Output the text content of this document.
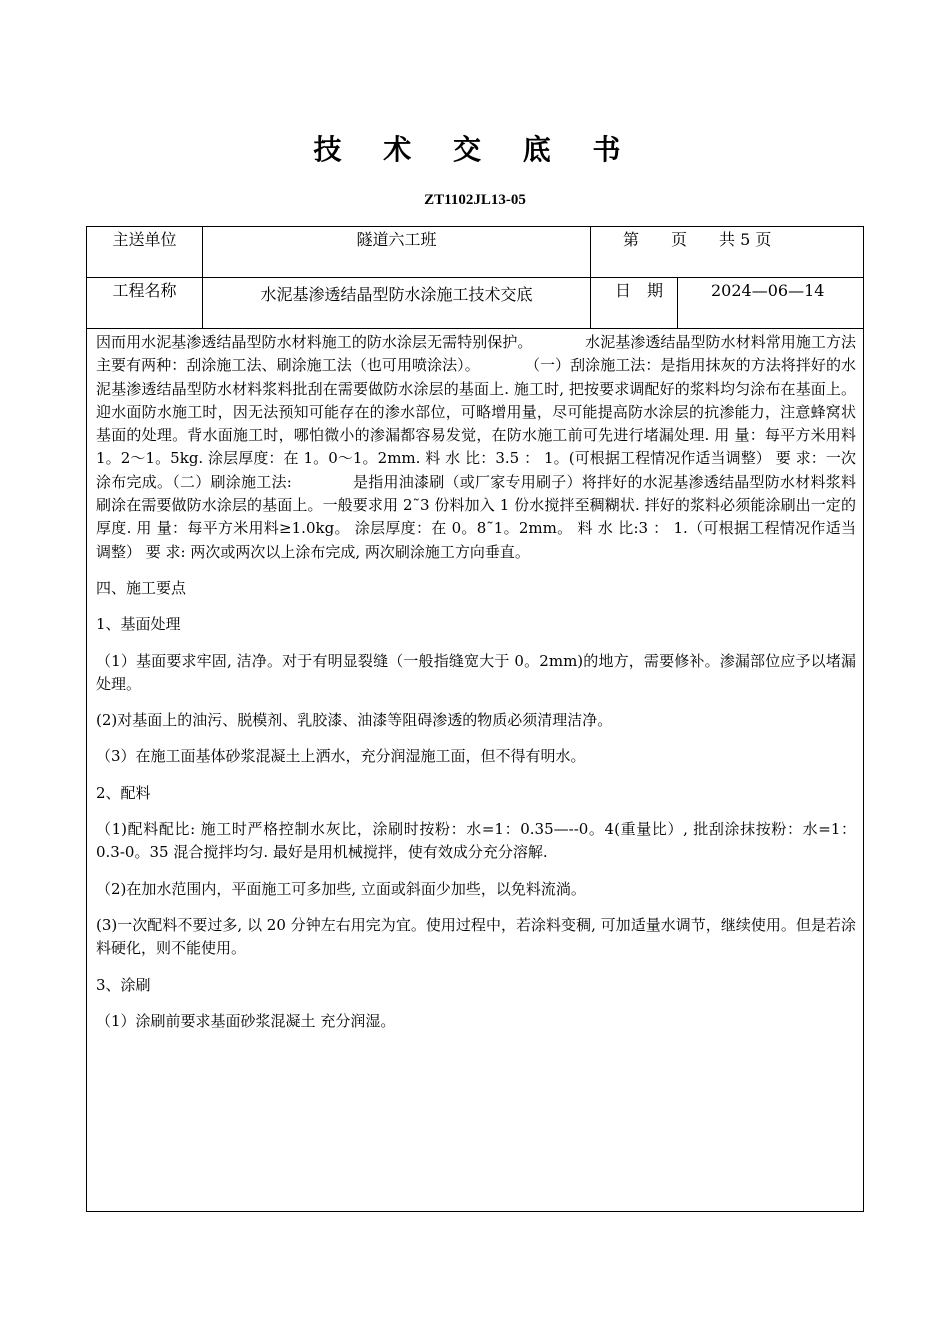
技 术 交 底 书
ZT1102JL13-05
主送单位	隧道六工班	第　　页　　共 5 页
工程名称	水泥基渗透结晶型防水涂施工技术交底	日　期	2024—06—14

因而用水泥基渗透结晶型防水材料施工的防水涂层无需特别保护。　　　　水泥基渗透结晶型防水材料常用施工方法主要有两种：刮涂施工法、刷涂施工法（也可用喷涂法）。　　　　（一）刮涂施工法：是指用抹灰的方法将拌好的水泥基渗透结晶型防水材料浆料批刮在需要做防水涂层的基面上. 施工时, 把按要求调配好的浆料均匀涂布在基面上。迎水面防水施工时，因无法预知可能存在的渗水部位，可略增用量，尽可能提高防水涂层的抗渗能力，注意蜂窝状基面的处理。背水面施工时，哪怕微小的渗漏都容易发觉，在防水施工前可先进行堵漏处理. 用 量：每平方米用料 1。2～1。5kg. 涂层厚度：在 1。0～1。2mm. 料 水 比：3.5 ： 1。(可根据工程情况作适当调整） 要 求：一次涂布完成。（二）刷涂施工法:　　　　是指用油漆刷（或厂家专用刷子）将拌好的水泥基渗透结晶型防水材料浆料刷涂在需要做防水涂层的基面上。一般要求用 2˜3 份料加入 1 份水搅拌至稠糊状. 拌好的浆料必须能涂刷出一定的厚度. 用 量：每平方米用料≥1.0kg。 涂层厚度：在 0。8˜1。2mm。 料 水 比:3 ： 1.（可根据工程情况作适当调整） 要 求: 两次或两次以上涂布完成, 两次刷涂施工方向垂直。

四、施工要点

1、基面处理

（1）基面要求牢固, 洁净。对于有明显裂缝（一般指缝宽大于 0。2mm)的地方，需要修补。渗漏部位应予以堵漏处理。

(2)对基面上的油污、脱模剂、乳胶漆、油漆等阻碍渗透的物质必须清理洁净。

（3）在施工面基体砂浆混凝土上洒水，充分润湿施工面，但不得有明水。

2、配料

（1)配料配比: 施工时严格控制水灰比，涂刷时按粉：水=1：0.35—--0。4(重量比）, 批刮涂抹按粉：水=1：0.3-0。35 混合搅拌均匀. 最好是用机械搅拌，使有效成分充分溶解.

（2)在加水范围内，平面施工可多加些, 立面或斜面少加些，以免料流淌。

(3)一次配料不要过多, 以 20 分钟左右用完为宜。使用过程中，若涂料变稠, 可加适量水调节，继续使用。但是若涂料硬化，则不能使用。

3、涂刷

（1）涂刷前要求基面砂浆混凝土 充分润湿。
